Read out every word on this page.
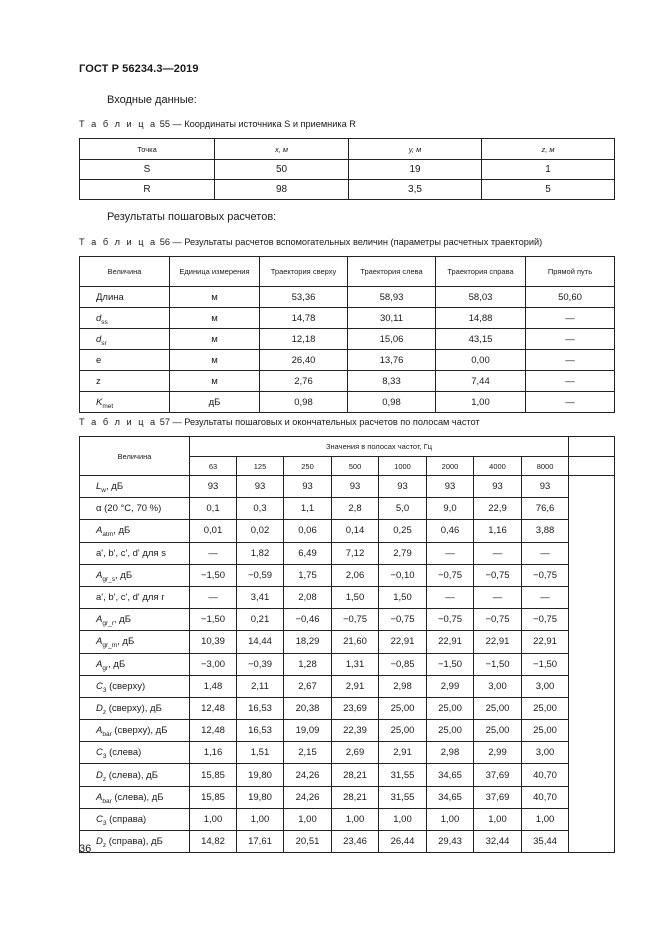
ГОСТ Р 56234.3—2019
Входные данные:
Т а б л и ц а 55 — Координаты источника S и приемника R
Точка	x, м	y, м	z, м
S	50	19	1
R	98	3,5	5
Результаты пошаговых расчетов:
Т а б л и ц а 56 — Результаты расчетов вспомогательных величин (параметры расчетных траекторий)
Величина	Единица измерения	Траектория сверху	Траектория слева	Траектория справа	Прямой путь
Длина	м	53,36	58,93	58,03	50,60
$d_{ss}$	м	14,78	30,11	14,88	—
$d_{sr}$	м	12,18	15,06	43,15	—
e	м	26,40	13,76	0,00	—
z	м	2,76	8,33	7,44	—
$K_{met}$	дБ	0,98	0,98	1,00	—
Т а б л и ц а 57 — Результаты пошаговых и окончательных расчетов по полосам частот
Величина	Значения в полосах частот, Гц								
	63	125	250	500	1000	2000	4000	8000	
$L_w$, дБ	93	93	93	93	93	93	93	93	
α (20 °C, 70 %)	0,1	0,3	1,1	2,8	5,0	9,0	22,9	76,6	
$A_{atm}$, дБ	0,01	0,02	0,06	0,14	0,25	0,46	1,16	3,88	
a', b', c', d' для s	—	1,82	6,49	7,12	2,79	—	—	—	
$A_{gr\_s}$, дБ	−1,50	−0,59	1,75	2,06	−0,10	−0,75	−0,75	−0,75	
a', b', c', d' для r	—	3,41	2,08	1,50	1,50	—	—	—	
$A_{gr\_r}$, дБ	−1,50	0,21	−0,46	−0,75	−0,75	−0,75	−0,75	−0,75	
$A_{gr\_m}$, дБ	10,39	14,44	18,29	21,60	22,91	22,91	22,91	22,91	
$A_{gr}$, дБ	−3,00	−0,39	1,28	1,31	−0,85	−1,50	−1,50	−1,50	
$C_3$ (сверху)	1,48	2,11	2,67	2,91	2,98	2,99	3,00	3,00	
$D_z$ (сверху), дБ	12,48	16,53	20,38	23,69	25,00	25,00	25,00	25,00	
$A_{bar}$ (сверху), дБ	12,48	16,53	19,09	22,39	25,00	25,00	25,00	25,00	
$C_3$ (слева)	1,16	1,51	2,15	2,69	2,91	2,98	2,99	3,00	
$D_z$ (слева), дБ	15,85	19,80	24,26	28,21	31,55	34,65	37,69	40,70	
$A_{bar}$ (слева), дБ	15,85	19,80	24,26	28,21	31,55	34,65	37,69	40,70	
$C_3$ (справа)	1,00	1,00	1,00	1,00	1,00	1,00	1,00	1,00	
$D_z$ (справа), дБ	14,82	17,61	20,51	23,46	26,44	29,43	32,44	35,44	
36
